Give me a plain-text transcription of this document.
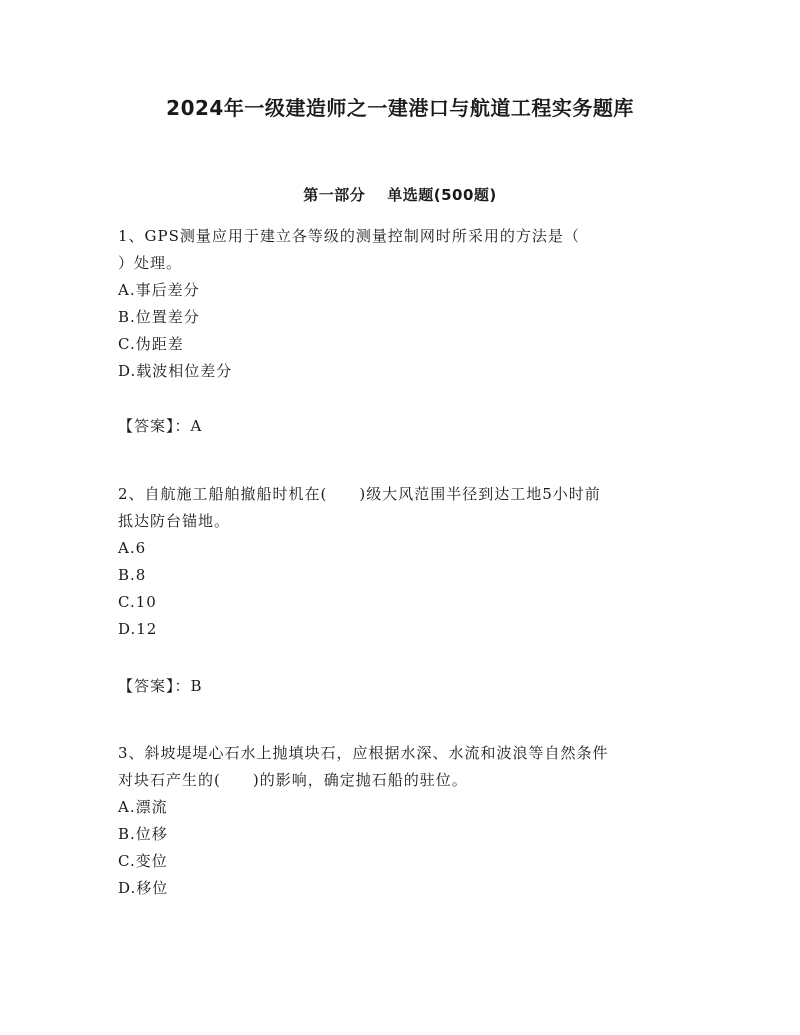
2024年一级建造师之一建港口与航道工程实务题库
第一部分 单选题(500题)
1、GPS测量应用于建立各等级的测量控制网时所采用的方法是（
）处理。
A.事后差分
B.位置差分
C.伪距差
D.载波相位差分
【答案】：A
2、自航施工船舶撤船时机在(　　)级大风范围半径到达工地5小时前
抵达防台锚地。
A.6
B.8
C.10
D.12
【答案】：B
3、斜坡堤堤心石水上抛填块石，应根据水深、水流和波浪等自然条件
对块石产生的(　　)的影响，确定抛石船的驻位。
A.漂流
B.位移
C.变位
D.移位
